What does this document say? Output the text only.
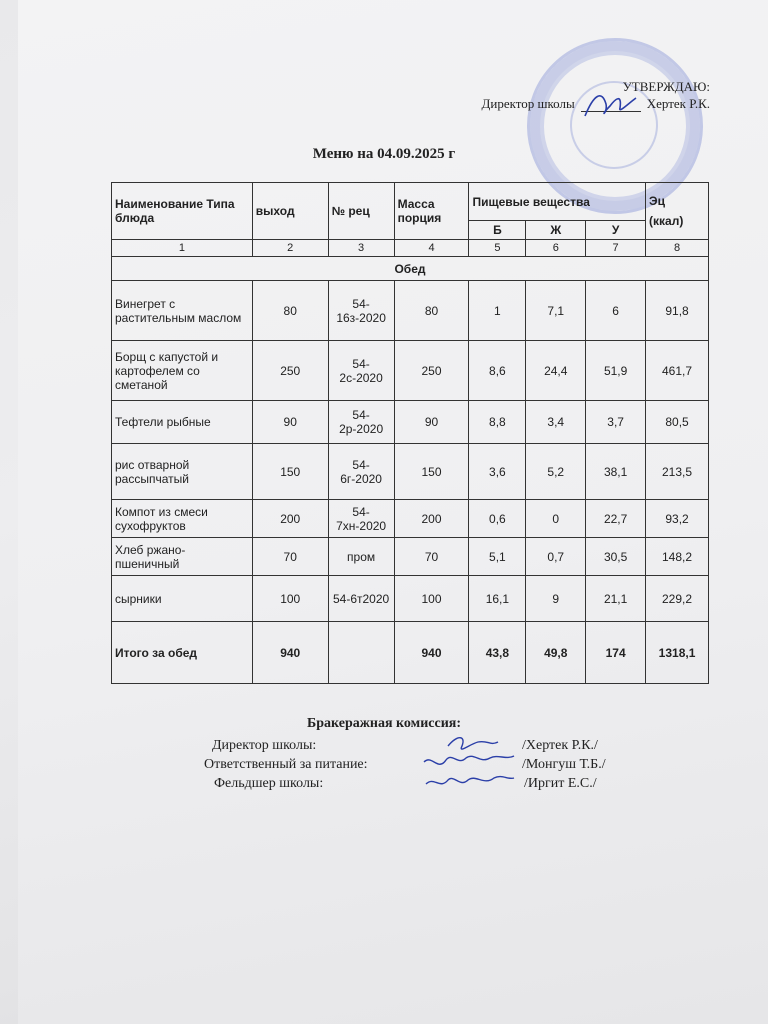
УТВЕРЖДАЮ:
Директор школы	Хертек Р.К.
Меню на 04.09.2025 г
Наименование Типа блюда	выход	№ рец	Масса порция	Пищевые вещества			Эц
(ккал)

				Б	Ж	У	
1	2	3	4	5	6	7	8
Обед							
Винегрет с растительным маслом	80	54-16з-2020	80	1	7,1	6	91,8
Борщ с капустой и картофелем со сметаной	250	54-2с-2020	250	8,6	24,4	51,9	461,7
Тефтели рыбные	90	54-2р-2020	90	8,8	3,4	3,7	80,5
рис отварной рассыпчатый	150	54-6г-2020	150	3,6	5,2	38,1	213,5
Компот из смеси сухофруктов	200	54-7хн-2020	200	0,6	0	22,7	93,2
Хлеб ржано-пшеничный	70	пром	70	5,1	0,7	30,5	148,2
сырники	100	54-6т2020	100	16,1	9	21,1	229,2
Итого за обед	940		940	43,8	49,8	174	1318,1
Бракеражная комиссия:
Директор школы:	/Хертек Р.К./
Ответственный за питание:	/Монгуш Т.Б./
Фельдшер школы:	/Иргит Е.С./
